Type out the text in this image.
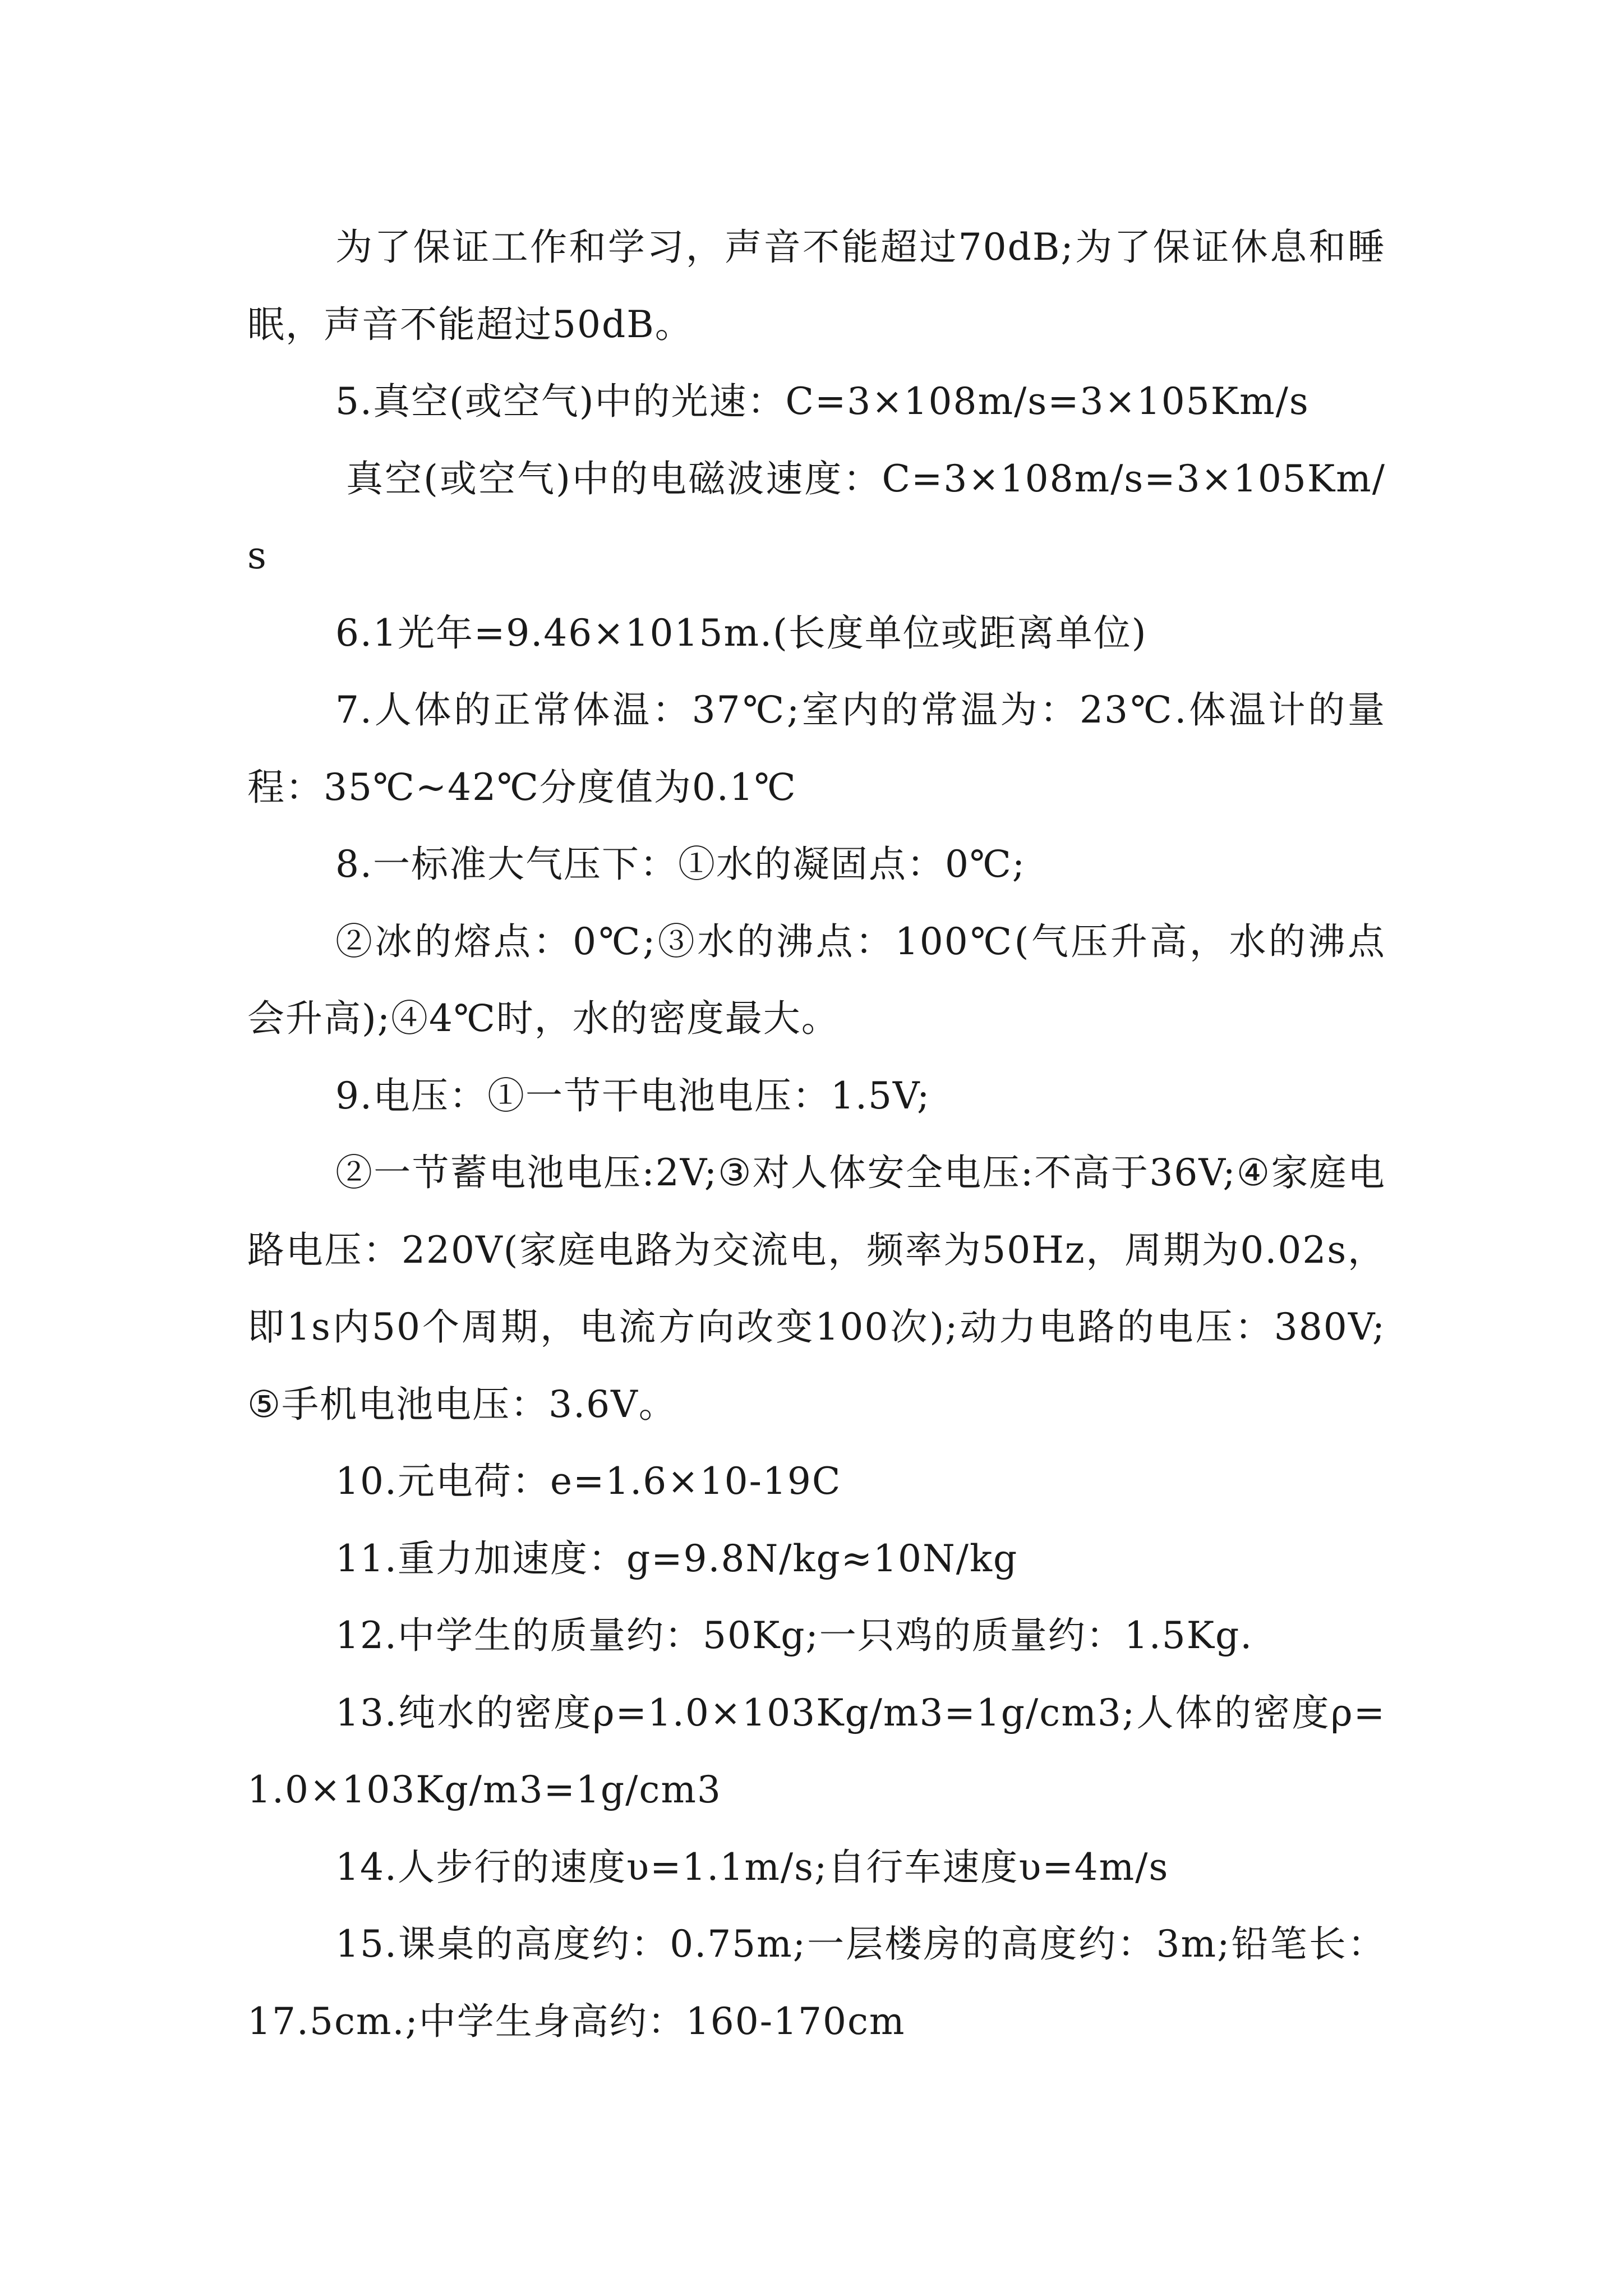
为了保证工作和学习，声音不能超过70dB;为了保证休息和睡眠，声音不能超过50dB。

5.真空(或空气)中的光速：C=3×108m/s=3×105Km/s

真空(或空气)中的电磁波速度：C=3×108m/s=3×105Km/s

6.1光年=9.46×1015m.(长度单位或距离单位)

7.人体的正常体温：37℃;室内的常温为：23℃.体温计的量程：35℃~42℃分度值为0.1℃

8.一标准大气压下：①水的凝固点：0℃;

②冰的熔点：0℃;③水的沸点：100℃(气压升高，水的沸点会升高);④4℃时，水的密度最大。

9.电压：①一节干电池电压：1.5V;

②一节蓄电池电压:2V;③对人体安全电压:不高于36V;④家庭电路电压：220V(家庭电路为交流电，频率为50Hz，周期为0.02s，即1s内50个周期，电流方向改变100次);动力电路的电压：380V;⑤手机电池电压：3.6V。

10.元电荷：e=1.6×10-19C

11.重力加速度：g=9.8N/kg≈10N/kg

12.中学生的质量约：50Kg;一只鸡的质量约：1.5Kg.

13.纯水的密度ρ=1.0×103Kg/m3=1g/cm3;人体的密度ρ=1.0×103Kg/m3=1g/cm3

14.人步行的速度υ=1.1m/s;自行车速度υ=4m/s

15.课桌的高度约：0.75m;一层楼房的高度约：3m;铅笔长：17.5cm.;中学生身高约：160-170cm
